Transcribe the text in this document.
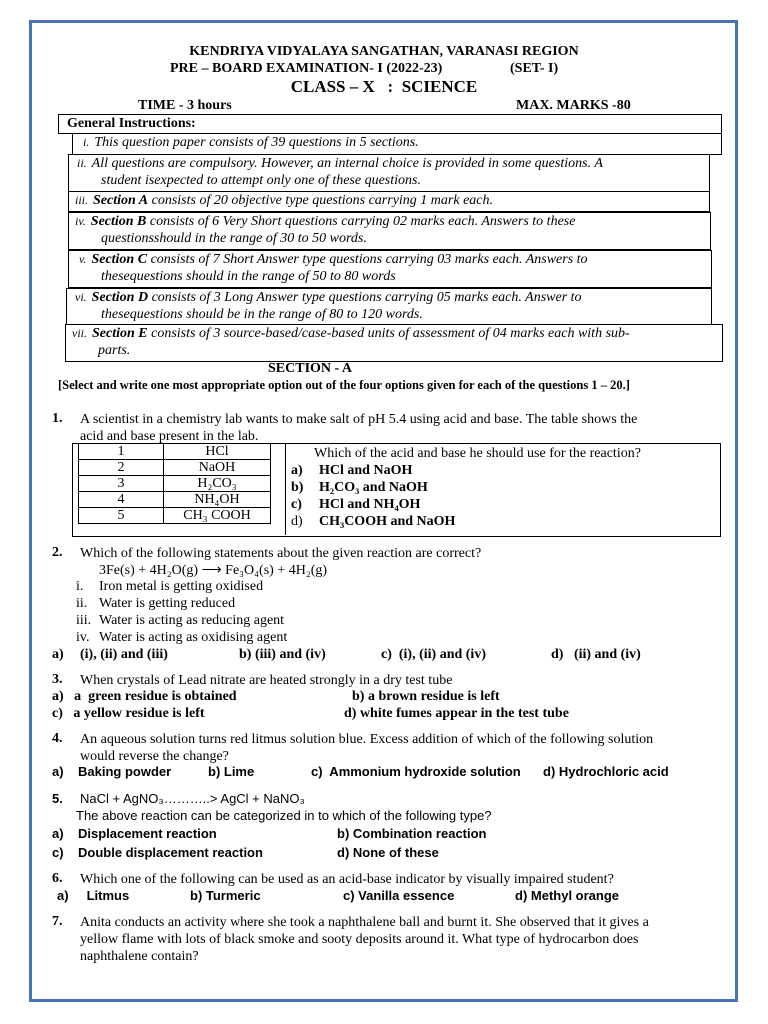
KENDRIYA VIDYALAYA SANGATHAN, VARANASI REGION
PRE – BOARD EXAMINATION- I (2022-23)	(SET- I)
CLASS – X   :  SCIENCE
TIME - 3 hours	MAX. MARKS -80
General Instructions:
i. This question paper consists of 39 questions in 5 sections.
ii. All questions are compulsory. However, an internal choice is provided in some questions. A
student isexpected to attempt only one of these questions.
iii. Section A consists of 20 objective type questions carrying 1 mark each.
iv. Section B consists of 6 Very Short questions carrying 02 marks each. Answers to these
questionsshould in the range of 30 to 50 words.
v. Section C consists of 7 Short Answer type questions carrying 03 marks each. Answers to
thesequestions should in the range of 50 to 80 words
vi. Section D consists of 3 Long Answer type questions carrying 05 marks each. Answer to
thesequestions should be in the range of 80 to 120 words.
vii. Section E consists of 3 source-based/case-based units of assessment of 04 marks each with sub-
parts.
SECTION - A
[Select and write one most appropriate option out of the four options given for each of the questions 1 – 20.]
1. A scientist in a chemistry lab wants to make salt of pH 5.4 using acid and base. The table shows the
acid and base present in the lab.
1	HCl
2	NaOH
3	H₂CO₃
4	NH₄OH
5	CH₃ COOH
Which of the acid and base he should use for the reaction?
a) HCl and NaOH
b) H₂CO₃ and NaOH
c) HCl and NH₄OH
d) CH₃COOH and NaOH
2. Which of the following statements about the given reaction are correct?
3Fe(s) + 4H₂O(g) ⟶ Fe₃O₄(s) + 4H₂(g)
i. Iron metal is getting oxidised
ii. Water is getting reduced
iii. Water is acting as reducing agent
iv. Water is acting as oxidising agent
a) (i), (ii) and (iii)	b) (iii) and (iv)	c)  (i), (ii) and (iv)	d)   (ii) and (iv)
3. When crystals of Lead nitrate are heated strongly in a dry test tube
a)   a  green residue is obtained	b) a brown residue is left
c)   a yellow residue is left	d) white fumes appear in the test tube
4. An aqueous solution turns red litmus solution blue. Excess addition of which of the following solution
would reverse the change?
a)    Baking powder	b) Lime	c)  Ammonium hydroxide solution d) Hydrochloric acid
5. NaCl + AgNO₃………..> AgCl + NaNO₃
The above reaction can be categorized in to which of the following type?
a)    Displacement reaction	b) Combination reaction
c)    Double displacement reaction	d) None of these
6. Which one of the following can be used as an acid-base indicator by visually impaired student?
a)     Litmus	b) Turmeric	c) Vanilla essence	d) Methyl orange
7. Anita conducts an activity where she took a naphthalene ball and burnt it. She observed that it gives a
yellow flame with lots of black smoke and sooty deposits around it. What type of hydrocarbon does
naphthalene contain?
